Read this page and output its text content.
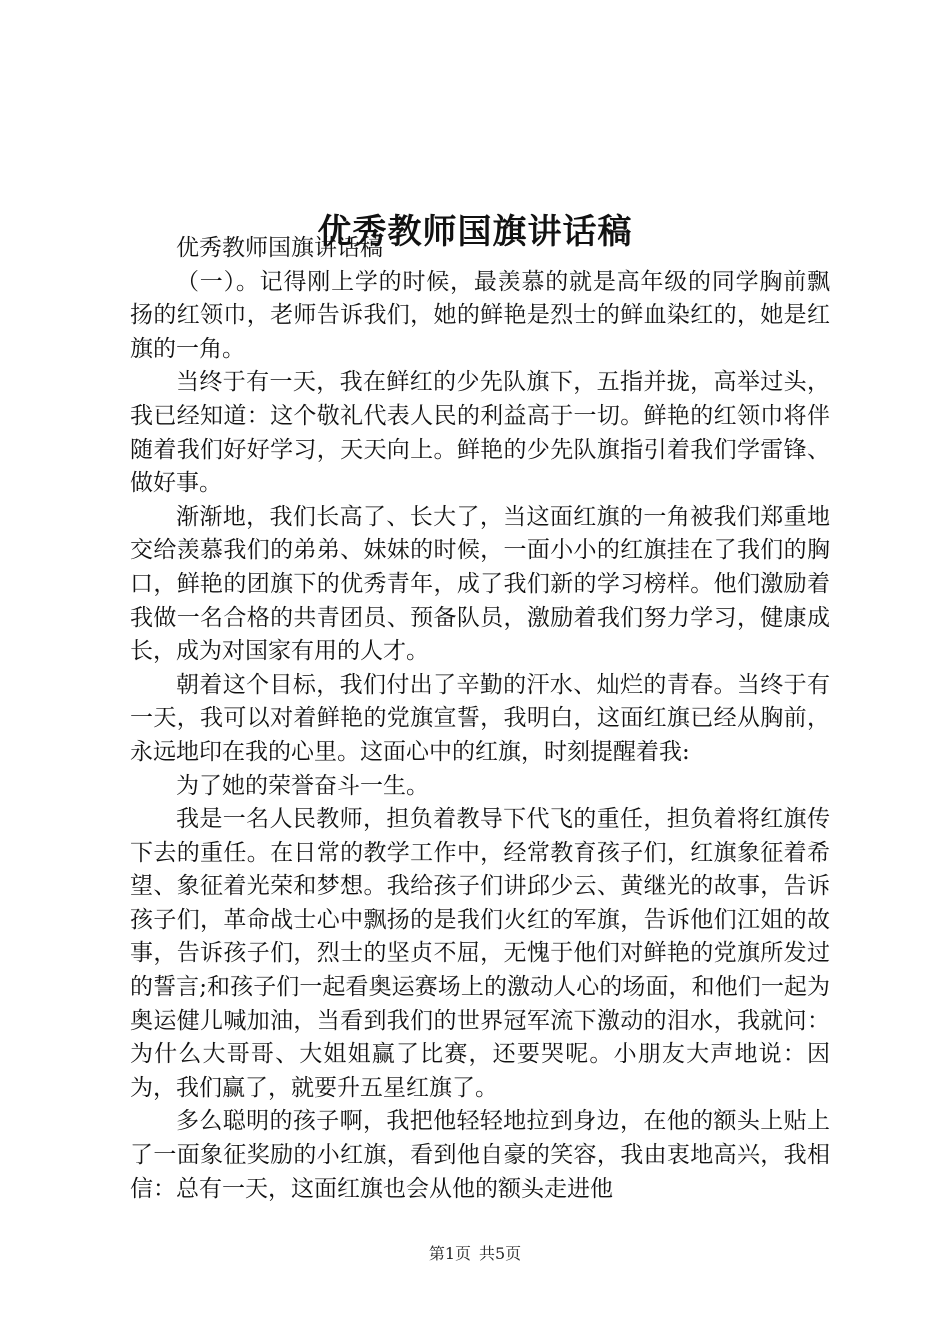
优秀教师国旗讲话稿

优秀教师国旗讲话稿

（一）。记得刚上学的时候，最羡慕的就是高年级的同学胸前飘扬的红领巾，老师告诉我们，她的鲜艳是烈士的鲜血染红的，她是红旗的一角。

当终于有一天，我在鲜红的少先队旗下，五指并拢，高举过头，我已经知道：这个敬礼代表人民的利益高于一切。鲜艳的红领巾将伴随着我们好好学习，天天向上。鲜艳的少先队旗指引着我们学雷锋、做好事。

渐渐地，我们长高了、长大了，当这面红旗的一角被我们郑重地交给羡慕我们的弟弟、妹妹的时候，一面小小的红旗挂在了我们的胸口，鲜艳的团旗下的优秀青年，成了我们新的学习榜样。他们激励着我做一名合格的共青团员、预备队员，激励着我们努力学习，健康成长，成为对国家有用的人才。

朝着这个目标，我们付出了辛勤的汗水、灿烂的青春。当终于有一天，我可以对着鲜艳的党旗宣誓，我明白，这面红旗已经从胸前，永远地印在我的心里。这面心中的红旗，时刻提醒着我:

为了她的荣誉奋斗一生。

我是一名人民教师，担负着教导下代飞的重任，担负着将红旗传下去的重任。在日常的教学工作中，经常教育孩子们，红旗象征着希望、象征着光荣和梦想。我给孩子们讲邱少云、黄继光的故事，告诉孩子们，革命战士心中飘扬的是我们火红的军旗，告诉他们江姐的故事，告诉孩子们，烈士的坚贞不屈，无愧于他们对鲜艳的党旗所发过的誓言;和孩子们一起看奥运赛场上的激动人心的场面，和他们一起为奥运健儿喊加油，当看到我们的世界冠军流下激动的泪水，我就问：为什么大哥哥、大姐姐赢了比赛，还要哭呢。小朋友大声地说：因为，我们赢了，就要升五星红旗了。

多么聪明的孩子啊，我把他轻轻地拉到身边，在他的额头上贴上了一面象征奖励的小红旗，看到他自豪的笑容，我由衷地高兴，我相信：总有一天，这面红旗也会从他的额头走进他

第1页 共5页
